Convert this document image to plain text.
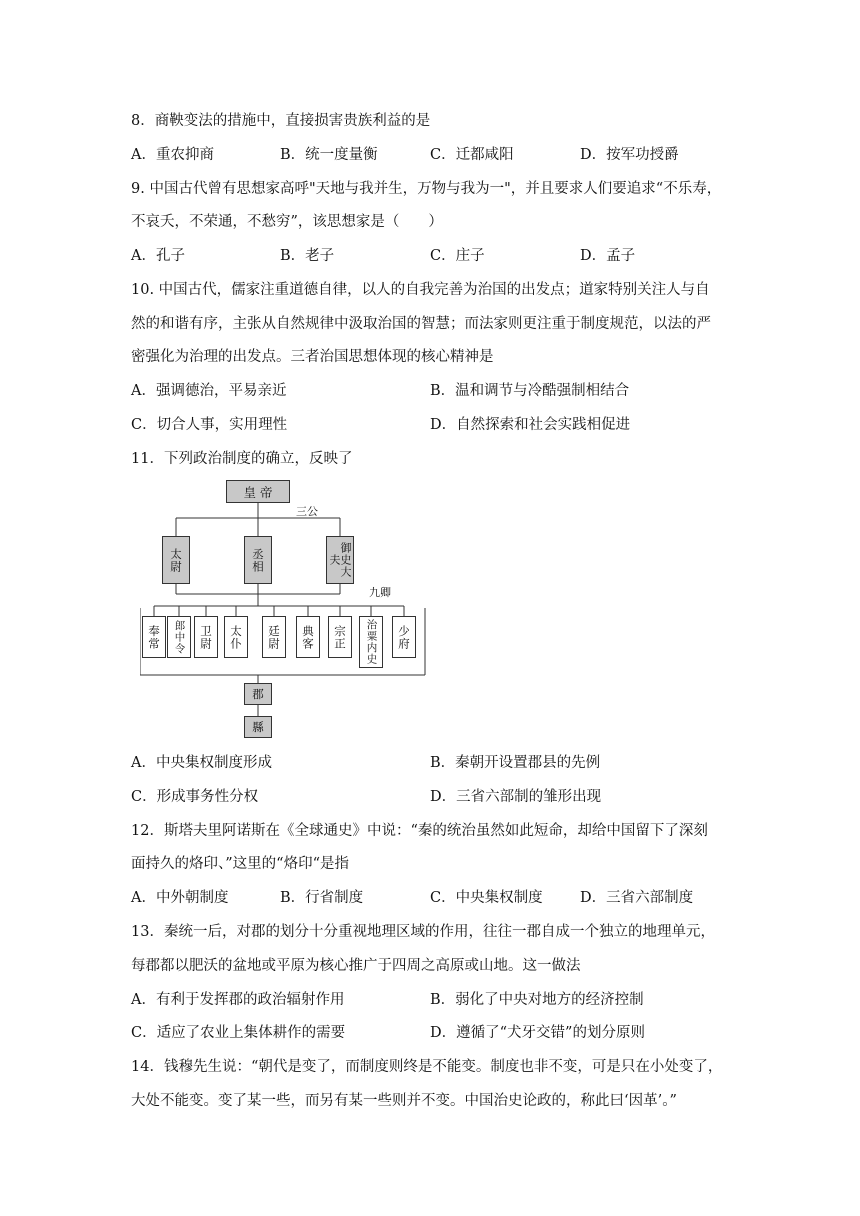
8．商鞅变法的措施中，直接损害贵族利益的是
A．重农抑商	B．统一度量衡	C．迁都咸阳	D．按军功授爵
9. 中国古代曾有思想家高呼"天地与我并生，万物与我为一"，并且要求人们要追求“不乐寿，
不哀夭，不荣通，不愁穷”，该思想家是（　　）
A．孔子	B．老子	C．庄子	D．孟子
10. 中国古代，儒家注重道德自律，以人的自我完善为治国的出发点；道家特别关注人与自
然的和谐有序，主张从自然规律中汲取治国的智慧；而法家则更注重于制度规范，以法的严
密强化为治理的出发点。三者治国思想体现的核心精神是
A．强调德治，平易亲近	B．温和调节与冷酷强制相结合
C．切合人事，实用理性	D．自然探索和社会实践相促进
11．下列政治制度的确立，反映了
皇 帝
三公
太尉	丞相	御史大夫
九卿
奉常	郎中令	卫尉	太仆	廷尉	典客	宗正	治粟内史	少府
郡
縣
A．中央集权制度形成	B．秦朝开设置郡县的先例
C．形成事务性分权	D．三省六部制的雏形出现
12．斯塔夫里阿诺斯在《全球通史》中说：“秦的统治虽然如此短命，却给中国留下了深刻
面持久的烙印、”这里的“烙印“是指
A．中外朝制度	B．行省制度	C．中央集权制度	D．三省六部制度
13．秦统一后，对郡的划分十分重视地理区域的作用，往往一郡自成一个独立的地理单元，
每郡都以肥沃的盆地或平原为核心推广于四周之高原或山地。这一做法
A．有利于发挥郡的政治辐射作用	B．弱化了中央对地方的经济控制
C．适应了农业上集体耕作的需要	D．遵循了“犬牙交错”的划分原则
14．钱穆先生说：“朝代是变了，而制度则终是不能变。制度也非不变，可是只在小处变了，
大处不能变。变了某一些，而另有某一些则并不变。中国治史论政的，称此曰‘因革’。”
